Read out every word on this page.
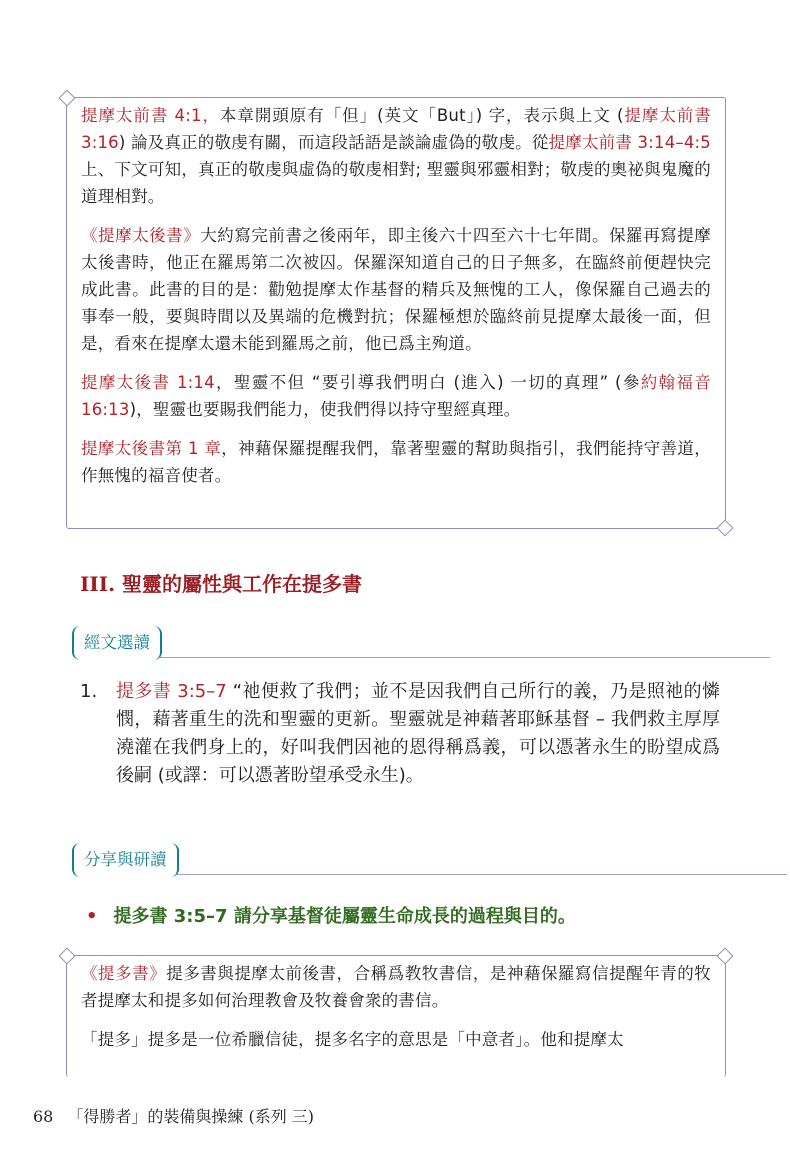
提摩太前書 4:1，本章開頭原有「但」(英文「But」) 字，表示與上文 (提摩太前書 3:16) 論及真正的敬虔有關，而這段話語是談論虛偽的敬虔。從提摩太前書 3:14–4:5 上、下文可知，真正的敬虔與虛偽的敬虔相對; 聖靈與邪靈相對；敬虔的奧祕與鬼魔的道理相對。

《提摩太後書》大約寫完前書之後兩年，即主後六十四至六十七年間。保羅再寫提摩太後書時，他正在羅馬第二次被囚。保羅深知道自己的日子無多，在臨終前便趕快完成此書。此書的目的是：勸勉提摩太作基督的精兵及無愧的工人，像保羅自己過去的事奉一般，要與時間以及異端的危機對抗；保羅極想於臨終前見提摩太最後一面，但是，看來在提摩太還未能到羅馬之前，他已爲主殉道。

提摩太後書 1:14，聖靈不但 “要引導我們明白 (進入) 一切的真理” (參約翰福音 16:13)，聖靈也要賜我們能力，使我們得以持守聖經真理。

提摩太後書第 1 章，神藉保羅提醒我們，靠著聖靈的幫助與指引，我們能持守善道，作無愧的福音使者。

III. 聖靈的屬性與工作在提多書
經文選讀
1. 提多書 3:5–7 “祂便救了我們；並不是因我們自己所行的義，乃是照祂的憐憫，藉著重生的洗和聖靈的更新。聖靈就是神藉著耶穌基督 – 我們救主厚厚澆灌在我們身上的，好叫我們因祂的恩得稱爲義，可以憑著永生的盼望成爲後嗣 (或譯：可以憑著盼望承受永生)。
分享與研讀

• 提多書 3:5–7 請分享基督徒屬靈生命成長的過程與目的。

《提多書》提多書與提摩太前後書，合稱爲教牧書信，是神藉保羅寫信提醒年青的牧者提摩太和提多如何治理教會及牧養會衆的書信。

「提多」提多是一位希臘信徒，提多名字的意思是「中意者」。他和提摩太

68 「得勝者」的裝備與操練 (系列 三)
